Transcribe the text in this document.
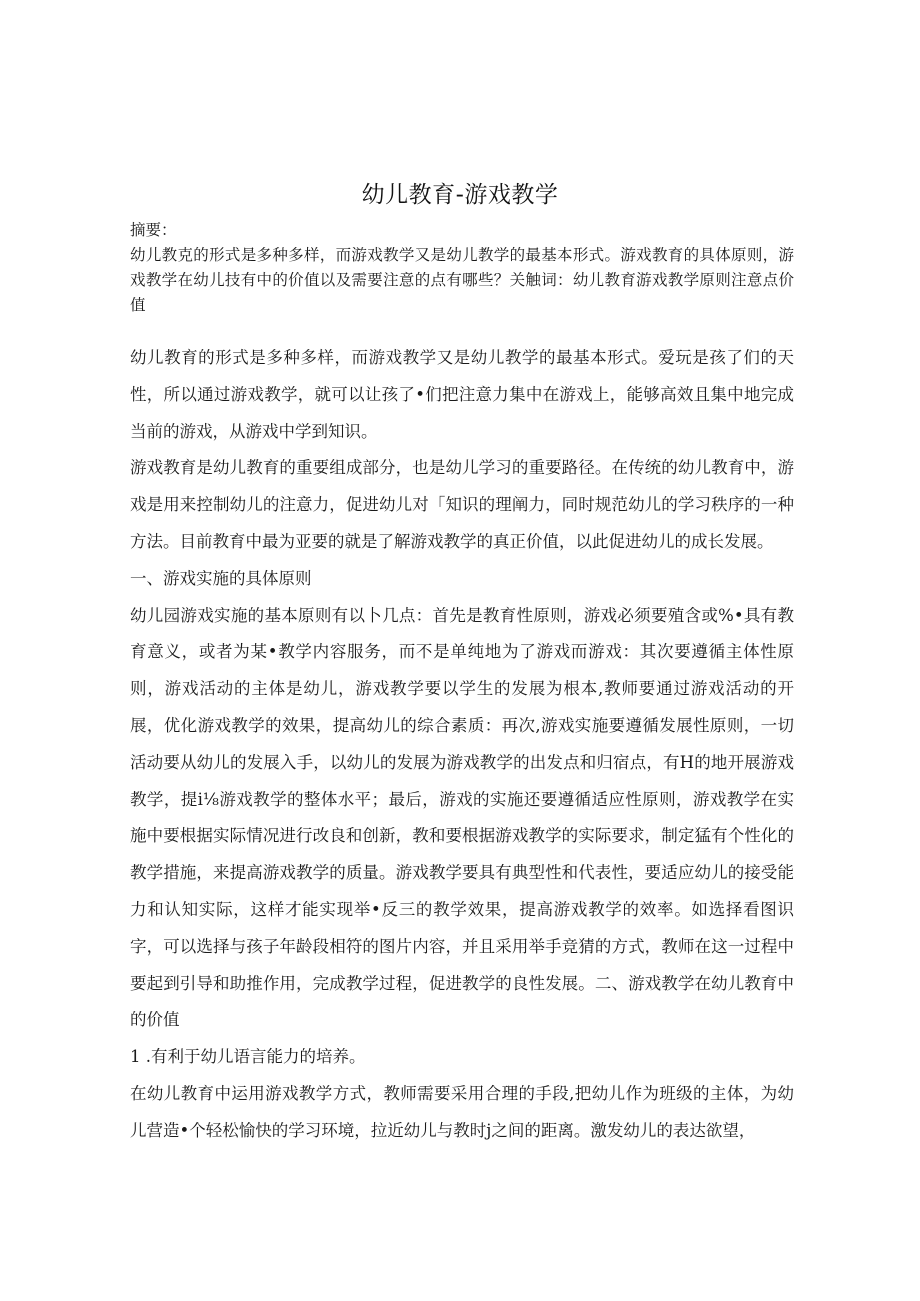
幼儿教育-游戏教学
摘要：
幼儿教克的形式是多种多样，而游戏教学又是幼儿教学的最基本形式。游戏教育的具体原则，游戏教学在幼儿技有中的价值以及需要注意的点有哪些？关触词：幼儿教育游戏教学原则注意点价值

幼儿教育的形式是多种多样，而游戏教学又是幼儿教学的最基本形式。爱玩是孩了们的天性，所以通过游戏教学，就可以让孩了•们把注意力集中在游戏上，能够高效且集中地完成当前的游戏，从游戏中学到知识。

游戏教育是幼儿教育的重要组成部分，也是幼儿学习的重要路径。在传统的幼儿教育中，游戏是用来控制幼儿的注意力，促进幼儿对「知识的理阐力，同时规范幼儿的学习秩序的一种方法。目前教育中最为亚要的就是了解游戏教学的真正价值，以此促进幼儿的成长发展。

一、游戏实施的具体原则

幼儿园游戏实施的基本原则有以卜几点：首先是教育性原则，游戏必须要殖含或%•具有教育意义，或者为某•教学内容服务，而不是单纯地为了游戏而游戏：其次要遵循主体性原则，游戏活动的主体是幼儿，游戏教学要以学生的发展为根本,教师要通过游戏活动的开展，优化游戏教学的效果，提高幼儿的综合素质：再次,游戏实施要遵循发展性原则，一切活动要从幼儿的发展入手，以幼儿的发展为游戏教学的出发点和归宿点，有H的地开展游戏教学，提i⅛游戏教学的整体水平；最后，游戏的实施还要遵循适应性原则，游戏教学在实施中要根据实际情况进行改良和创新，教和要根据游戏教学的实际要求，制定猛有个性化的教学措施，来提高游戏教学的质量。游戏教学要具有典型性和代表性，要适应幼儿的接受能力和认知实际，这样才能实现举•反三的教学效果，提高游戏教学的效率。如选择看图识字，可以选择与孩子年龄段相符的图片内容，并且采用举手竞猜的方式，教师在这一过程中要起到引导和助推作用，完成教学过程，促进教学的良性发展。二、游戏教学在幼儿教育中的价值

1 .有利于幼儿语言能力的培养。

在幼儿教育中运用游戏教学方式，教师需要采用合理的手段,把幼儿作为班级的主体，为幼儿营造•个轻松愉快的学习环境，拉近幼儿与教时j之间的距离。激发幼儿的表达欲望，
